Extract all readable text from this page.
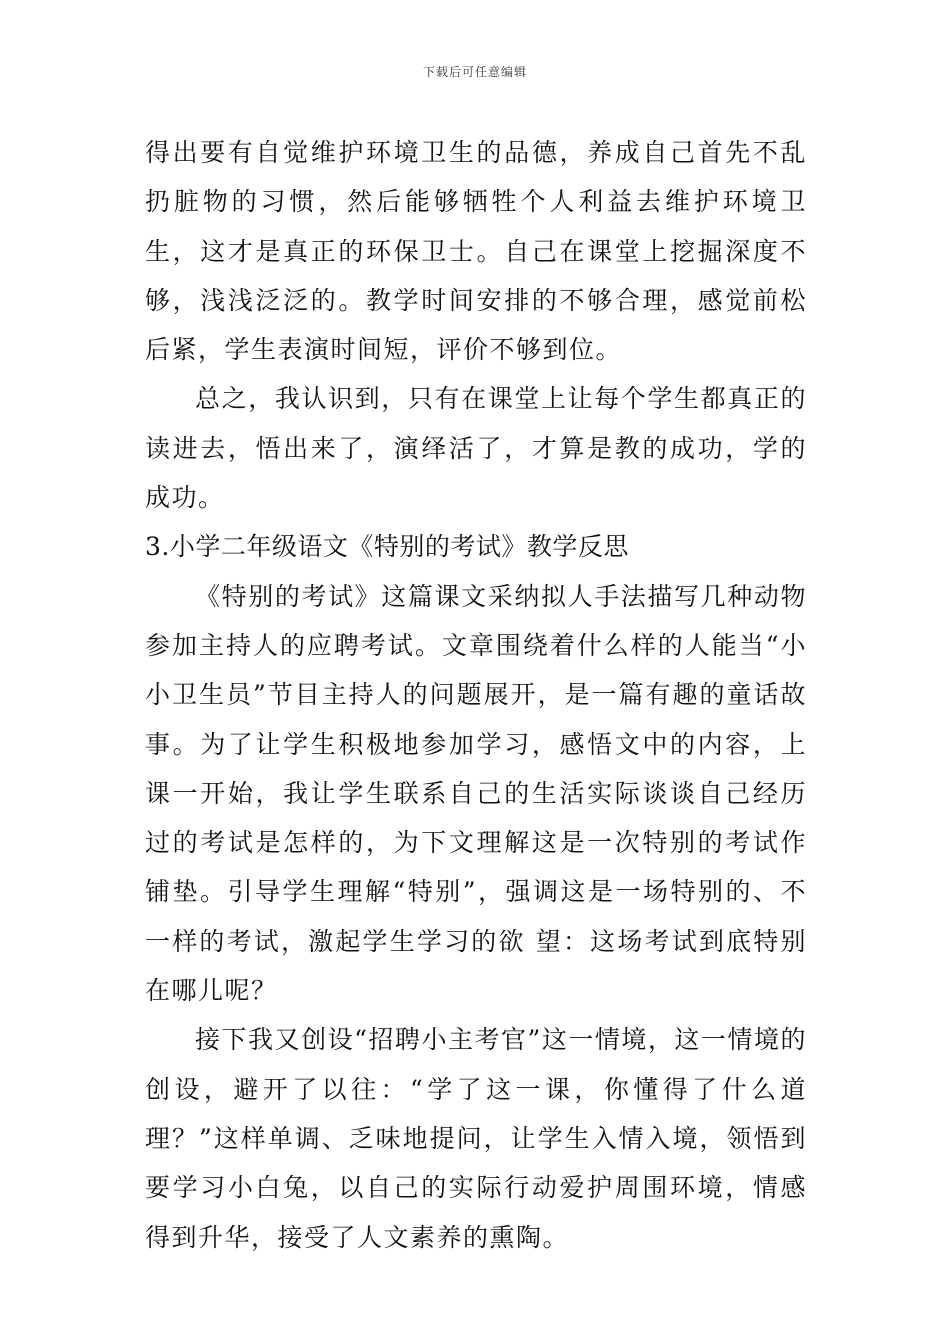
下载后可任意编辑

得出要有自觉维护环境卫生的品德，养成自己首先不乱扔脏物的习惯，然后能够牺牲个人利益去维护环境卫生，这才是真正的环保卫士。自己在课堂上挖掘深度不够，浅浅泛泛的。教学时间安排的不够合理，感觉前松后紧，学生表演时间短，评价不够到位。

总之，我认识到，只有在课堂上让每个学生都真正的读进去，悟出来了，演绎活了，才算是教的成功，学的成功。

3.小学二年级语文《特别的考试》教学反思

《特别的考试》这篇课文采纳拟人手法描写几种动物参加主持人的应聘考试。文章围绕着什么样的人能当“小小卫生员”节目主持人的问题展开，是一篇有趣的童话故事。为了让学生积极地参加学习，感悟文中的内容，上课一开始，我让学生联系自己的生活实际谈谈自己经历过的考试是怎样的，为下文理解这是一次特别的考试作铺垫。引导学生理解“特别”，强调这是一场特别的、不一样的考试，激起学生学习的欲 望：这场考试到底特别在哪儿呢？

接下我又创设“招聘小主考官”这一情境，这一情境的创设，避开了以往：“学了这一课，你懂得了什么道理？”这样单调、乏味地提问，让学生入情入境，领悟到要学习小白兔，以自己的实际行动爱护周围环境，情感得到升华，接受了人文素养的熏陶。
